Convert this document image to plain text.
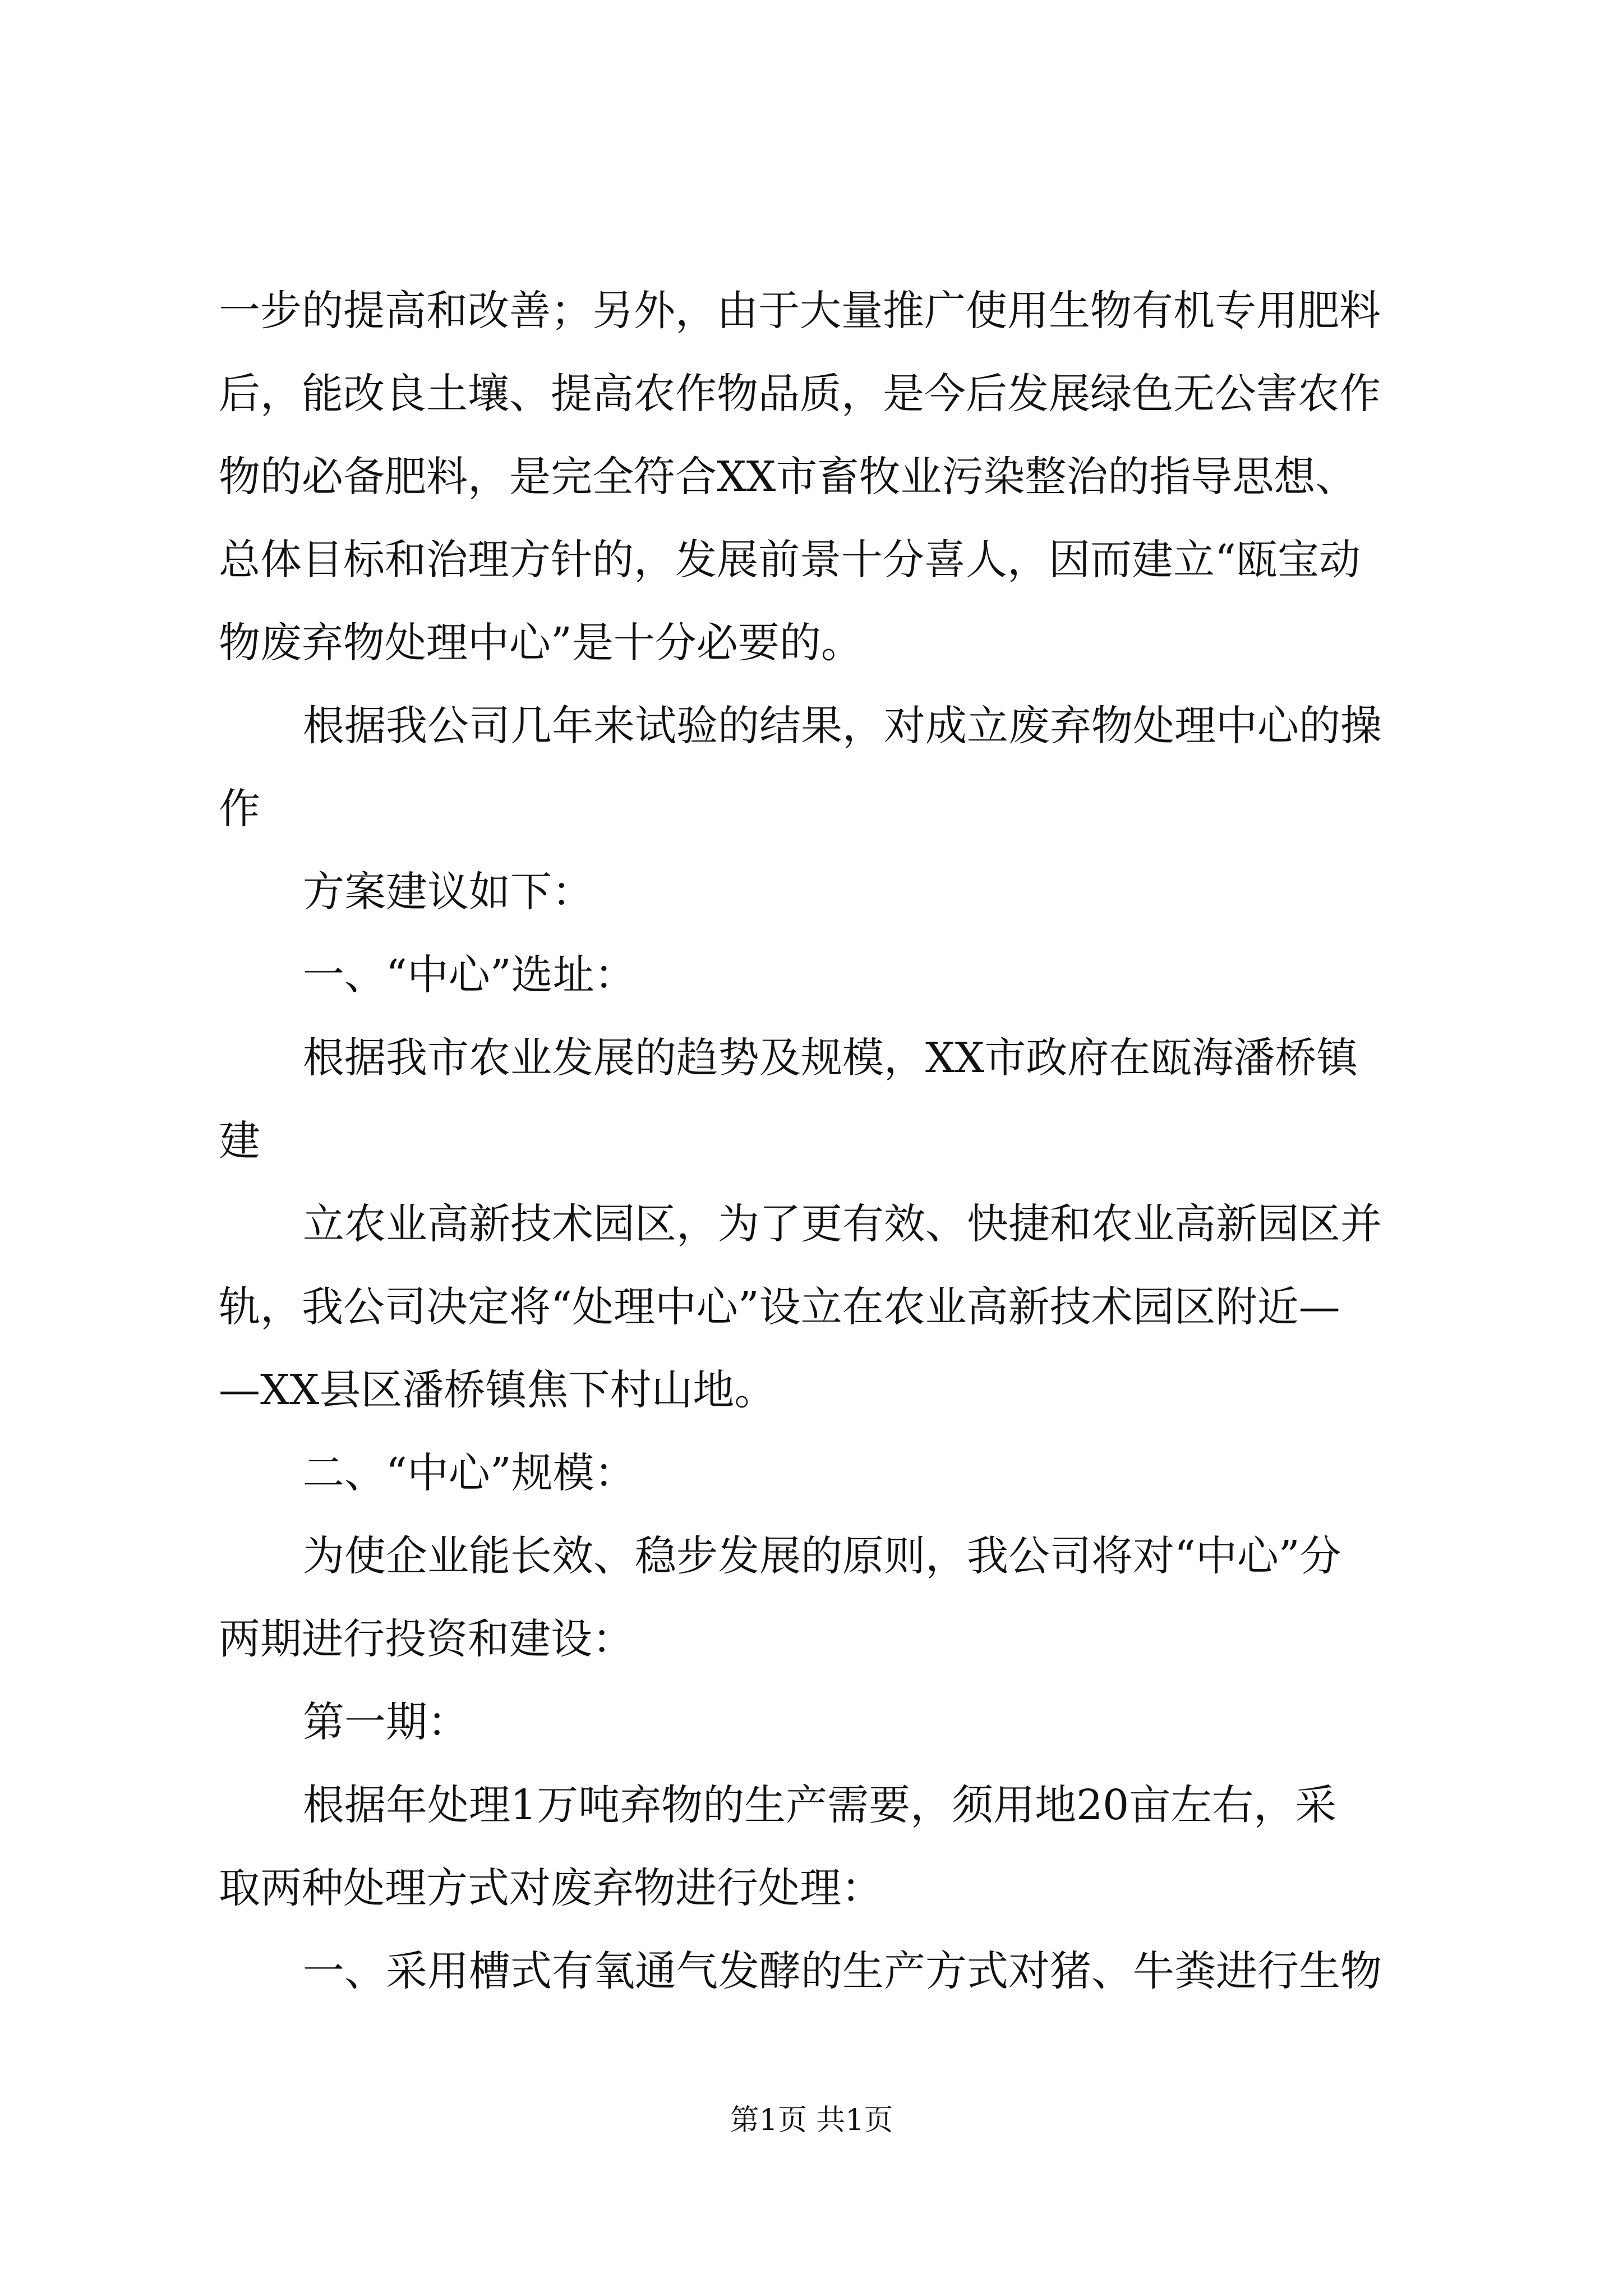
一步的提高和改善；另外，由于大量推广使用生物有机专用肥料
后，能改良土壤、提高农作物品质，是今后发展绿色无公害农作
物的必备肥料，是完全符合XX市畜牧业污染整治的指导思想、
总体目标和治理方针的，发展前景十分喜人，因而建立“瓯宝动
物废弃物处理中心”是十分必要的。
根据我公司几年来试验的结果，对成立废弃物处理中心的操
作
方案建议如下：
一、“中心”选址：
根据我市农业发展的趋势及规模，XX市政府在瓯海潘桥镇
建
立农业高新技术园区，为了更有效、快捷和农业高新园区并
轨，我公司决定将“处理中心”设立在农业高新技术园区附近—
—XX县区潘桥镇焦下村山地。
二、“中心”规模：
为使企业能长效、稳步发展的原则，我公司将对“中心”分
两期进行投资和建设：
第一期：
根据年处理1万吨弃物的生产需要，须用地20亩左右，采
取两种处理方式对废弃物进行处理：
一、采用槽式有氧通气发酵的生产方式对猪、牛粪进行生物
第1页 共1页
